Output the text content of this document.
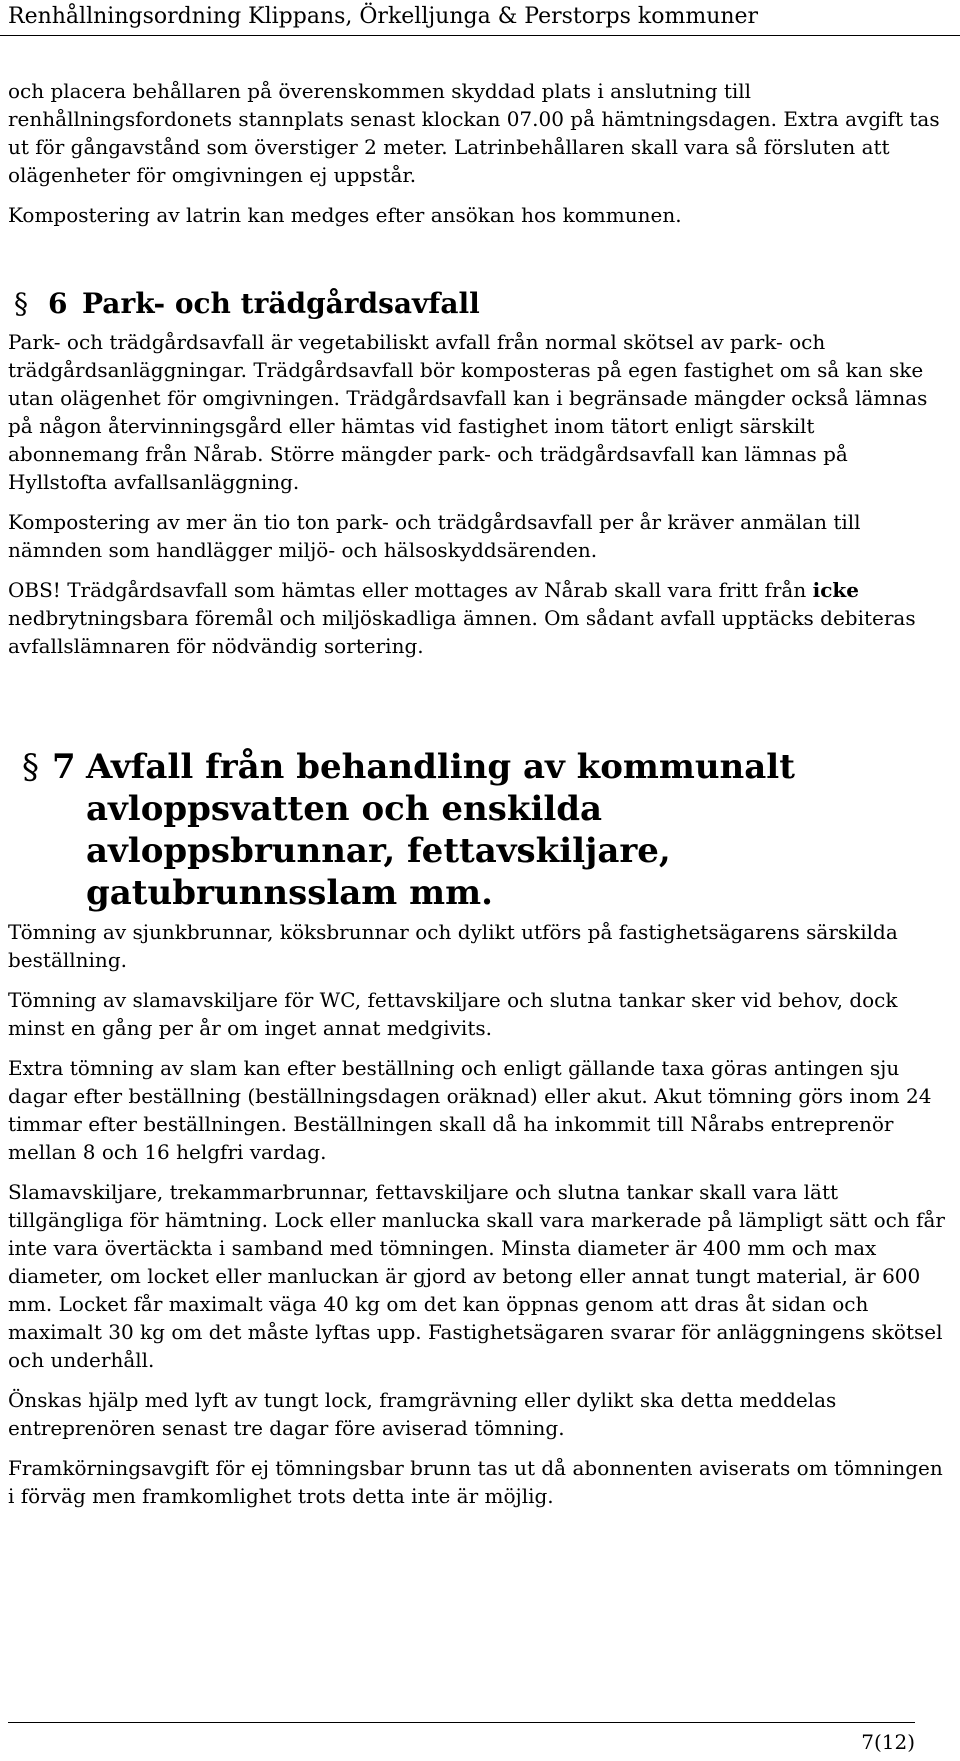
Renhållningsordning Klippans, Örkelljunga & Perstorps kommuner

och placera behållaren på överenskommen skyddad plats i anslutning till renhållningsfordonets stannplats senast klockan 07.00 på hämtningsdagen. Extra avgift tas ut för gångavstånd som överstiger 2 meter. Latrinbehållaren skall vara så försluten att olägenheter för omgivningen ej uppstår.

Kompostering av latrin kan medges efter ansökan hos kommunen.

§ 6 Park- och trädgårdsavfall

Park- och trädgårdsavfall är vegetabiliskt avfall från normal skötsel av park- och trädgårdsanläggningar. Trädgårdsavfall bör komposteras på egen fastighet om så kan ske utan olägenhet för omgivningen. Trädgårdsavfall kan i begränsade mängder också lämnas på någon återvinningsgård eller hämtas vid fastighet inom tätort enligt särskilt abonnemang från Nårab. Större mängder park- och trädgårdsavfall kan lämnas på Hyllstofta avfallsanläggning.

Kompostering av mer än tio ton park- och trädgårdsavfall per år kräver anmälan till nämnden som handlägger miljö- och hälsoskyddsärenden.

OBS! Trädgårdsavfall som hämtas eller mottages av Nårab skall vara fritt från icke nedbrytningsbara föremål och miljöskadliga ämnen. Om sådant avfall upptäcks debiteras avfallslämnaren för nödvändig sortering.

§ 7 Avfall från behandling av kommunalt avloppsvatten och enskilda avloppsbrunnar, fettavskiljare, gatubrunnsslam mm.

Tömning av sjunkbrunnar, köksbrunnar och dylikt utförs på fastighetsägarens särskilda beställning.

Tömning av slamavskiljare för WC, fettavskiljare och slutna tankar sker vid behov, dock minst en gång per år om inget annat medgivits.

Extra tömning av slam kan efter beställning och enligt gällande taxa göras antingen sju dagar efter beställning (beställningsdagen oräknad) eller akut. Akut tömning görs inom 24 timmar efter beställningen. Beställningen skall då ha inkommit till Nårabs entreprenör mellan 8 och 16 helgfri vardag.

Slamavskiljare, trekammarbrunnar, fettavskiljare och slutna tankar skall vara lätt tillgängliga för hämtning. Lock eller manlucka skall vara markerade på lämpligt sätt och får inte vara övertäckta i samband med tömningen. Minsta diameter är 400 mm och max diameter, om locket eller manluckan är gjord av betong eller annat tungt material, är 600 mm. Locket får maximalt väga 40 kg om det kan öppnas genom att dras åt sidan och maximalt 30 kg om det måste lyftas upp. Fastighetsägaren svarar för anläggningens skötsel och underhåll.

Önskas hjälp med lyft av tungt lock, framgrävning eller dylikt ska detta meddelas entreprenören senast tre dagar före aviserad tömning.

Framkörningsavgift för ej tömningsbar brunn tas ut då abonnenten aviserats om tömningen i förväg men framkomlighet trots detta inte är möjlig.

7(12)
